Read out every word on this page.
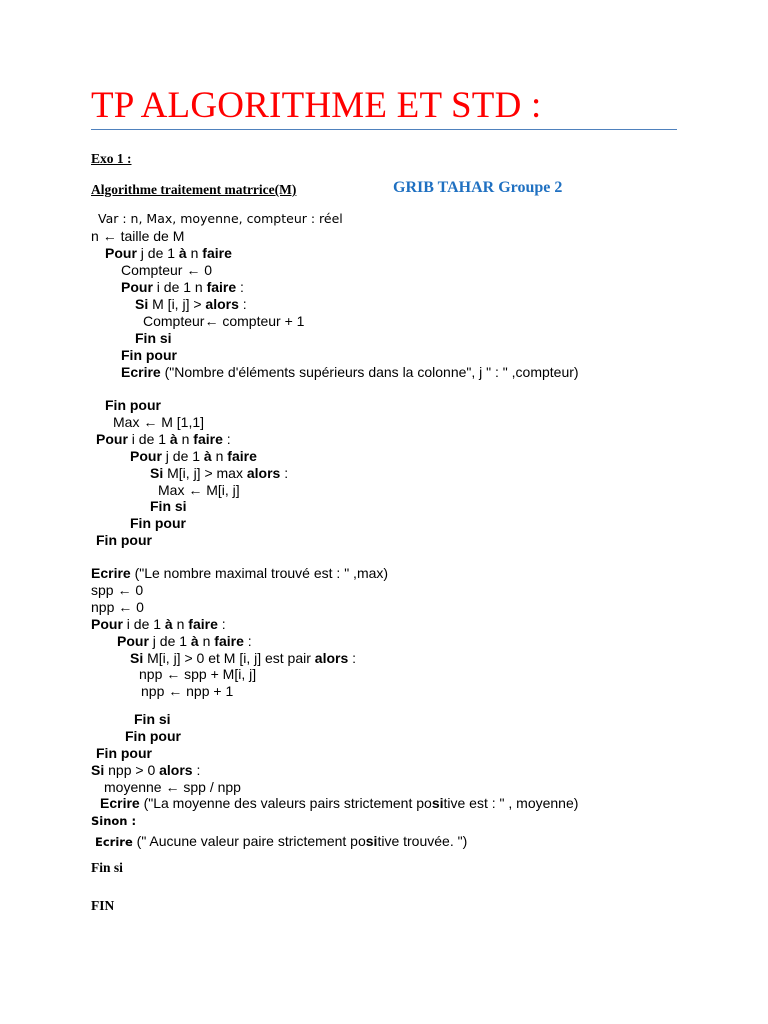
TP ALGORITHME ET STD :
Exo 1 :
Algorithme traitement matrrice(M)	GRIB TAHAR Groupe 2
Var : n, Max, moyenne, compteur : réel
n ← taille de M
Pour j de 1 à n faire
Compteur ← 0
Pour i de 1 n faire :
Si M [i, j] > alors :
Compteur← compteur + 1
Fin si
Fin pour
Ecrire ("Nombre d'éléments supérieurs dans la colonne", j " : " ,compteur)
Fin pour
Max ← M [1,1]
Pour i de 1 à n faire :
Pour j de 1 à n faire
Si M[i, j] > max alors :
Max ← M[i, j]
Fin si
Fin pour
Fin pour
Ecrire ("Le nombre maximal trouvé est : " ,max)
spp ← 0
npp ← 0
Pour i de 1 à n faire :
Pour j de 1 à n faire :
Si M[i, j] > 0 et M [i, j] est pair alors :
npp ← spp + M[i, j]
npp ← npp + 1
Fin si
Fin pour
Fin pour
Si npp > 0 alors :
moyenne ← spp / npp
Ecrire ("La moyenne des valeurs pairs strictement positive est : " , moyenne)
Sinon :
Ecrire (" Aucune valeur paire strictement positive trouvée. ")
Fin si
FIN
